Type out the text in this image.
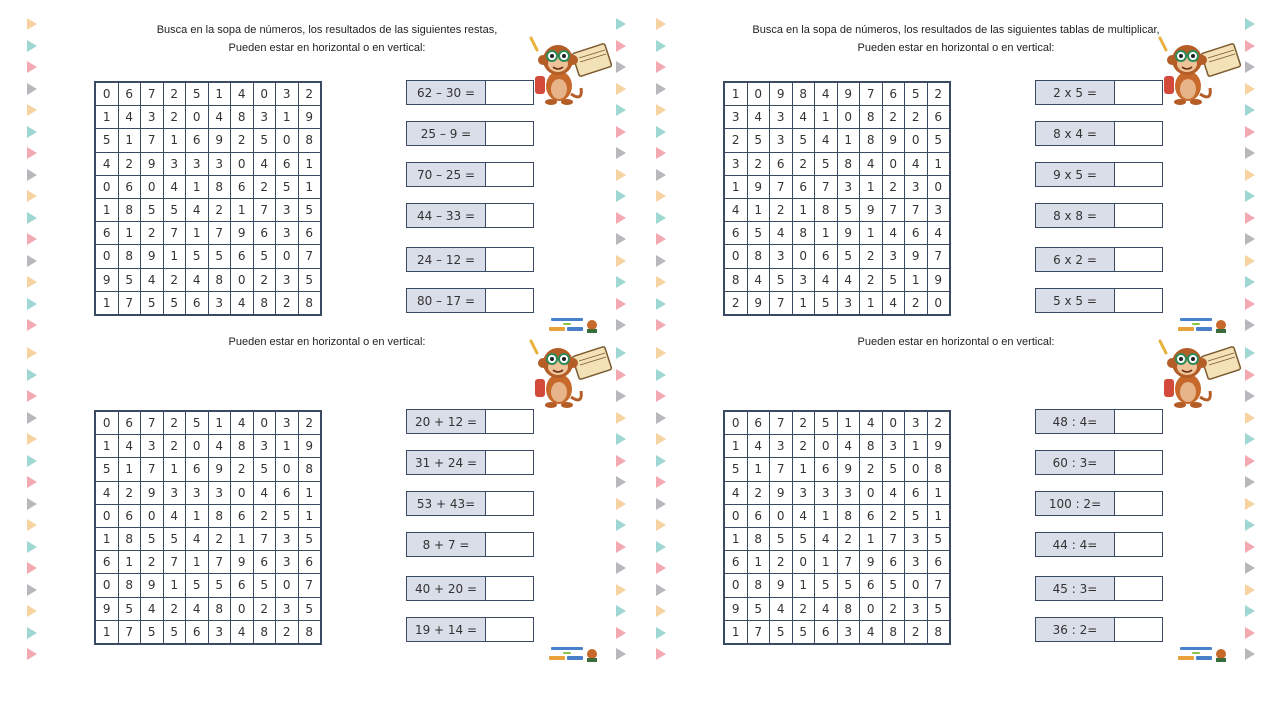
Busca en la sopa de números, los resultados de las siguientes restas,
Pueden estar en horizontal o en vertical:
0	6	7	2	5	1	4	0	3	2
1	4	3	2	0	4	8	3	1	9
5	1	7	1	6	9	2	5	0	8
4	2	9	3	3	3	0	4	6	1
0	6	0	4	1	8	6	2	5	1
1	8	5	5	4	2	1	7	3	5
6	1	2	7	1	7	9	6	3	6
0	8	9	1	5	5	6	5	0	7
9	5	4	2	4	8	0	2	3	5
1	7	5	5	6	3	4	8	2	8
62 – 30 =
25 – 9 =
70 – 25 =
44 – 33 =
24 – 12 =
80 – 17 =
Busca en la sopa de números, los resultados de las siguientes tablas de multiplicar,
Pueden estar en horizontal o en vertical:
1	0	9	8	4	9	7	6	5	2
3	4	3	4	1	0	8	2	2	6
2	5	3	5	4	1	8	9	0	5
3	2	6	2	5	8	4	0	4	1
1	9	7	6	7	3	1	2	3	0
4	1	2	1	8	5	9	7	7	3
6	5	4	8	1	9	1	4	6	4
0	8	3	0	6	5	2	3	9	7
8	4	5	3	4	4	2	5	1	9
2	9	7	1	5	3	1	4	2	0
2 x 5 =
8 x 4 =
9 x 5 =
8 x 8 =
6 x 2 =
5 x 5 =
Pueden estar en horizontal o en vertical:
0	6	7	2	5	1	4	0	3	2
1	4	3	2	0	4	8	3	1	9
5	1	7	1	6	9	2	5	0	8
4	2	9	3	3	3	0	4	6	1
0	6	0	4	1	8	6	2	5	1
1	8	5	5	4	2	1	7	3	5
6	1	2	7	1	7	9	6	3	6
0	8	9	1	5	5	6	5	0	7
9	5	4	2	4	8	0	2	3	5
1	7	5	5	6	3	4	8	2	8
20 + 12 =
31 + 24 =
53 + 43=
8 + 7 =
40 + 20 =
19 + 14 =
Pueden estar en horizontal o en vertical:
0	6	7	2	5	1	4	0	3	2
1	4	3	2	0	4	8	3	1	9
5	1	7	1	6	9	2	5	0	8
4	2	9	3	3	3	0	4	6	1
0	6	0	4	1	8	6	2	5	1
1	8	5	5	4	2	1	7	3	5
6	1	2	0	1	7	9	6	3	6
0	8	9	1	5	5	6	5	0	7
9	5	4	2	4	8	0	2	3	5
1	7	5	5	6	3	4	8	2	8
48 : 4=
60 : 3=
100 : 2=
44 : 4=
45 : 3=
36 : 2=
